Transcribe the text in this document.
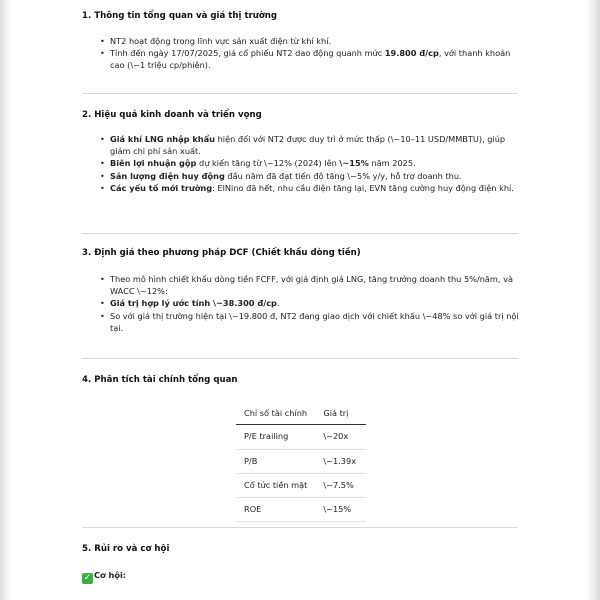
1. Thông tin tổng quan và giá thị trường
• NT2 hoạt động trong lĩnh vực sản xuất điện từ khí khí.
• Tính đến ngày 17/07/2025, giá cổ phiếu NT2 dao động quanh mức 19.800 đ/cp, với thanh khoản cao (\~1 triệu cp/phiên).
2. Hiệu quả kinh doanh và triển vọng
• Giá khí LNG nhập khẩu hiện đối với NT2 được duy trì ở mức thấp (\~10–11 USD/MMBTU), giúp giảm chi phí sản xuất.
• Biên lợi nhuận gộp dự kiến tăng từ \~12% (2024) lên \~15% năm 2025.
• Sản lượng điện huy động đầu năm đã đạt tiến độ tăng \~5% y/y, hỗ trợ doanh thu.
• Các yếu tố mới trường: ElNino đã hết, nhu cầu điện tăng lại, EVN tăng cường huy động điện khí.
3. Định giá theo phương pháp DCF (Chiết khấu dòng tiền)
• Theo mô hình chiết khấu dòng tiền FCFF, với giả định giá LNG, tăng trưởng doanh thu 5%/năm, và WACC \~12%:
• Giá trị hợp lý ước tính \~38.300 đ/cp.
• So với giá thị trường hiện tại \~19.800 đ, NT2 đang giao dịch với chiết khấu \~48% so với giá trị nội tại.
4. Phân tích tài chính tổng quan
Chỉ số tài chính	Giá trị
P/E trailing	\~20x
P/B	\~1.39x
Cổ tức tiền mặt	\~7.5%
ROE	\~15%
5. Rủi ro và cơ hội
✓ Cơ hội:
